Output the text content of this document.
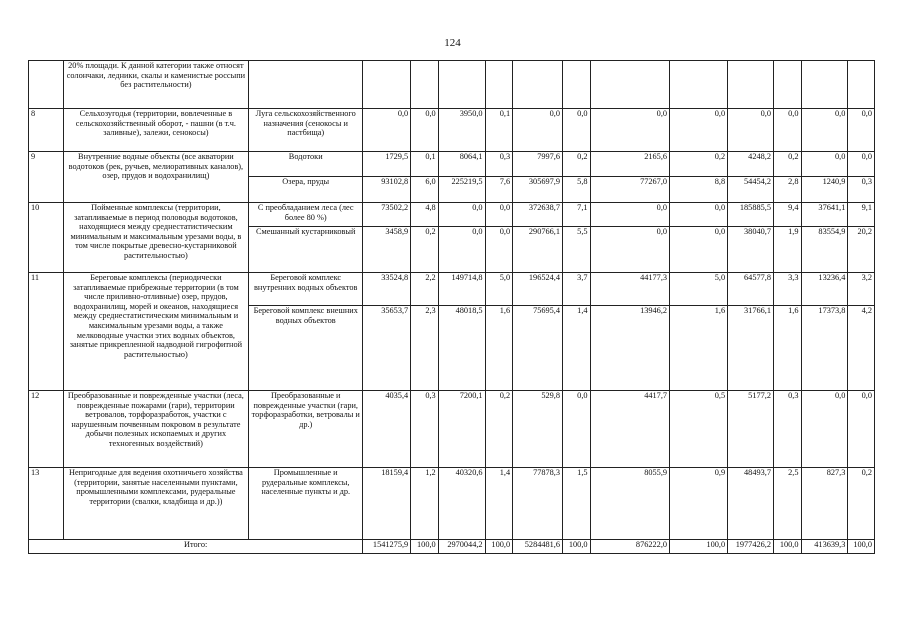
124
	20% площади. К данной категории также относят солончаки, ледники, скалы и каменистые россыпи без растительности)													
8	Сельхозугодья (территории, вовлеченные в сельскохозяйственный оборот, - пашни (в т.ч. заливные), залежи, сенокосы)	Луга сельскохозяйственного назначения (сенокосы и пастбища)	0,0	0,0	3950,0	0,1	0,0	0,0	0,0	0,0	0,0	0,0	0,0	0,0
9	Внутренние водные объекты (все акватории водотоков (рек, ручьев, мелиоративных каналов), озер, прудов и водохранилищ)	Водотоки	1729,5	0,1	8064,1	0,3	7997,6	0,2	2165,6	0,2	4248,2	0,2	0,0	0,0
		Озера, пруды	93102,8	6,0	225219,5	7,6	305697,9	5,8	77267,0	8,8	54454,2	2,8	1240,9	0,3
10	Пойменные комплексы (территории, затапливаемые в период половодья водотоков, находящиеся между среднестатистическим минимальным и максимальным урезами воды, в том числе покрытые древесно-кустарниковой растительностью)	С преобладанием леса (лес более 80 %)	73502,2	4,8	0,0	0,0	372638,7	7,1	0,0	0,0	185885,5	9,4	37641,1	9,1
		Смешанный кустарниковый	3458,9	0,2	0,0	0,0	290766,1	5,5	0,0	0,0	38040,7	1,9	83554,9	20,2
11	Береговые комплексы (периодически затапливаемые прибрежные территории (в том числе приливно-отливные) озер, прудов, водохранилищ, морей и океанов, находящиеся между среднестатистическим минимальным и максимальным урезами воды, а также мелководные участки этих водных объектов, занятые прикрепленной надводной гигрофитной растительностью)	Береговой комплекс внутренних водных объектов	33524,8	2,2	149714,8	5,0	196524,4	3,7	44177,3	5,0	64577,8	3,3	13236,4	3,2
		Береговой комплекс внешних водных объектов	35653,7	2,3	48018,5	1,6	75695,4	1,4	13946,2	1,6	31766,1	1,6	17373,8	4,2
12	Преобразованные и поврежденные участки (леса, поврежденные пожарами (гари), территории ветровалов, торфоразработок, участки с нарушенным почвенным покровом в результате добычи полезных ископаемых и других техногенных воздействий)	Преобразованные и поврежденные участки (гари, торфоразработки, ветровалы и др.)	4035,4	0,3	7200,1	0,2	529,8	0,0	4417,7	0,5	5177,2	0,3	0,0	0,0
13	Непригодные для ведения охотничьего хозяйства (территории, занятые населенными пунктами, промышленными комплексами, рудеральные территории (свалки, кладбища и др.))	Промышленные и рудеральные комплексы, населенные пункты и др.	18159,4	1,2	40320,6	1,4	77878,3	1,5	8055,9	0,9	48493,7	2,5	827,3	0,2
Итого:			1541275,9	100,0	2970044,2	100,0	5284481,6	100,0	876222,0	100,0	1977426,2	100,0	413639,3	100,0
